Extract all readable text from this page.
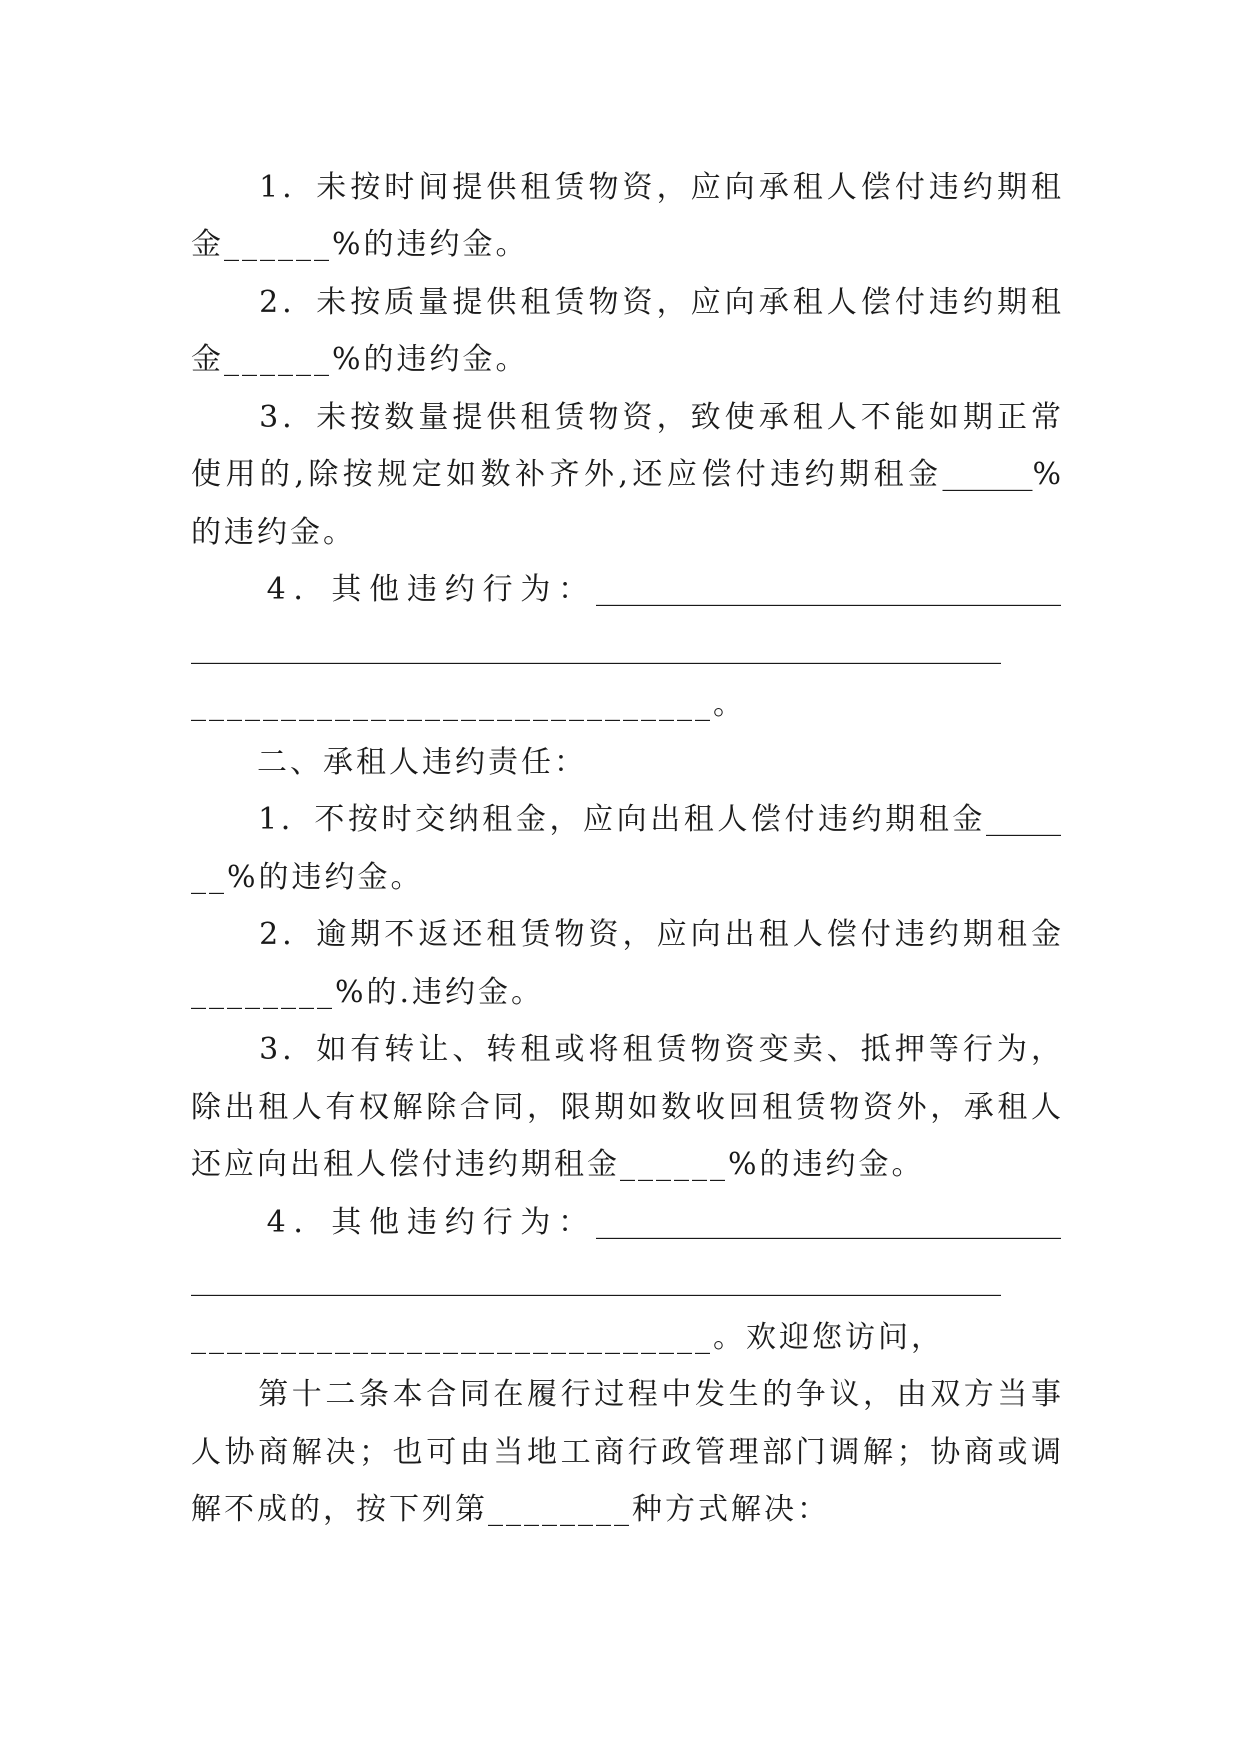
　　1．未按时间提供租赁物资，应向承租人偿付违约期租
金______%的违约金。
　　2．未按质量提供租赁物资，应向承租人偿付违约期租
金______%的违约金。
　　3．未按数量提供租赁物资，致使承租人不能如期正常
使用的,除按规定如数补齐外,还应偿付违约期租金______%
的违约金。
　　4．其他违约行为：_______________________________
______________________________________________________
_____________________________。
　　二、承租人违约责任：
　　1．不按时交纳租金，应向出租人偿付违约期租金_____
__%的违约金。
　　2．逾期不返还租赁物资，应向出租人偿付违约期租金
________%的.违约金。
　　3．如有转让、转租或将租赁物资变卖、抵押等行为，
除出租人有权解除合同，限期如数收回租赁物资外，承租人
还应向出租人偿付违约期租金______%的违约金。
　　4．其他违约行为：_______________________________
______________________________________________________
_____________________________。欢迎您访问，
　　第十二条本合同在履行过程中发生的争议，由双方当事
人协商解决；也可由当地工商行政管理部门调解；协商或调
解不成的，按下列第________种方式解决：
